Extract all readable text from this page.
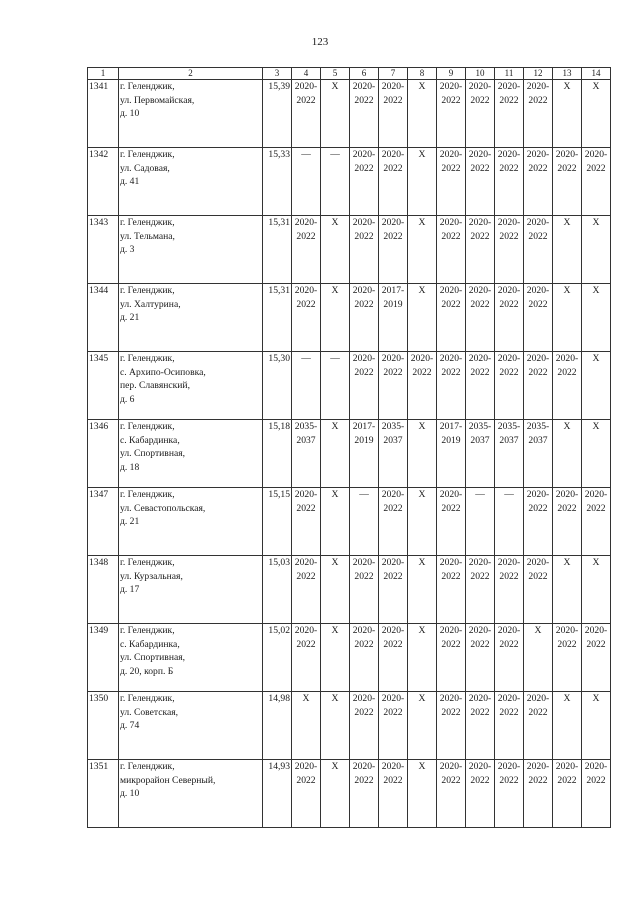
123
1	2	3	4	5	6	7	8	9	10	11	12	13	14
1341	г. Геленджик,
ул. Первомайская,
д. 10	15,39	2020-
2022	X	2020-
2022	2020-
2022	X	2020-
2022	2020-
2022	2020-
2022	2020-
2022	X	X

1342	г. Геленджик,
ул. Садовая,
д. 41	15,33	—	—	2020-
2022	2020-
2022	X	2020-
2022	2020-
2022	2020-
2022	2020-
2022	2020-
2022	2020-
2022

1343	г. Геленджик,
ул. Тельмана,
д. 3	15,31	2020-
2022	X	2020-
2022	2020-
2022	X	2020-
2022	2020-
2022	2020-
2022	2020-
2022	X	X

1344	г. Геленджик,
ул. Халтурина,
д. 21	15,31	2020-
2022	X	2020-
2022	2017-
2019	X	2020-
2022	2020-
2022	2020-
2022	2020-
2022	X	X

1345	г. Геленджик,
с. Архипо-Осиповка,
пер. Славянский,
д. 6	15,30	—	—	2020-
2022	2020-
2022	2020-
2022	2020-
2022	2020-
2022	2020-
2022	2020-
2022	2020-
2022	X

1346	г. Геленджик,
с. Кабардинка,
ул. Спортивная,
д. 18	15,18	2035-
2037	X	2017-
2019	2035-
2037	X	2017-
2019	2035-
2037	2035-
2037	2035-
2037	X	X

1347	г. Геленджик,
ул. Севастопольская,
д. 21	15,15	2020-
2022	X	—	2020-
2022	X	2020-
2022	—	—	2020-
2022	2020-
2022	2020-
2022

1348	г. Геленджик,
ул. Курзальная,
д. 17	15,03	2020-
2022	X	2020-
2022	2020-
2022	X	2020-
2022	2020-
2022	2020-
2022	2020-
2022	X	X

1349	г. Геленджик,
с. Кабардинка,
ул. Спортивная,
д. 20, корп. Б	15,02	2020-
2022	X	2020-
2022	2020-
2022	X	2020-
2022	2020-
2022	2020-
2022	X	2020-
2022	2020-
2022

1350	г. Геленджик,
ул. Советская,
д. 74	14,98	X	X	2020-
2022	2020-
2022	X	2020-
2022	2020-
2022	2020-
2022	2020-
2022	X	X

1351	г. Геленджик,
микрорайон Северный,
д. 10	14,93	2020-
2022	X	2020-
2022	2020-
2022	X	2020-
2022	2020-
2022	2020-
2022	2020-
2022	2020-
2022	2020-
2022
